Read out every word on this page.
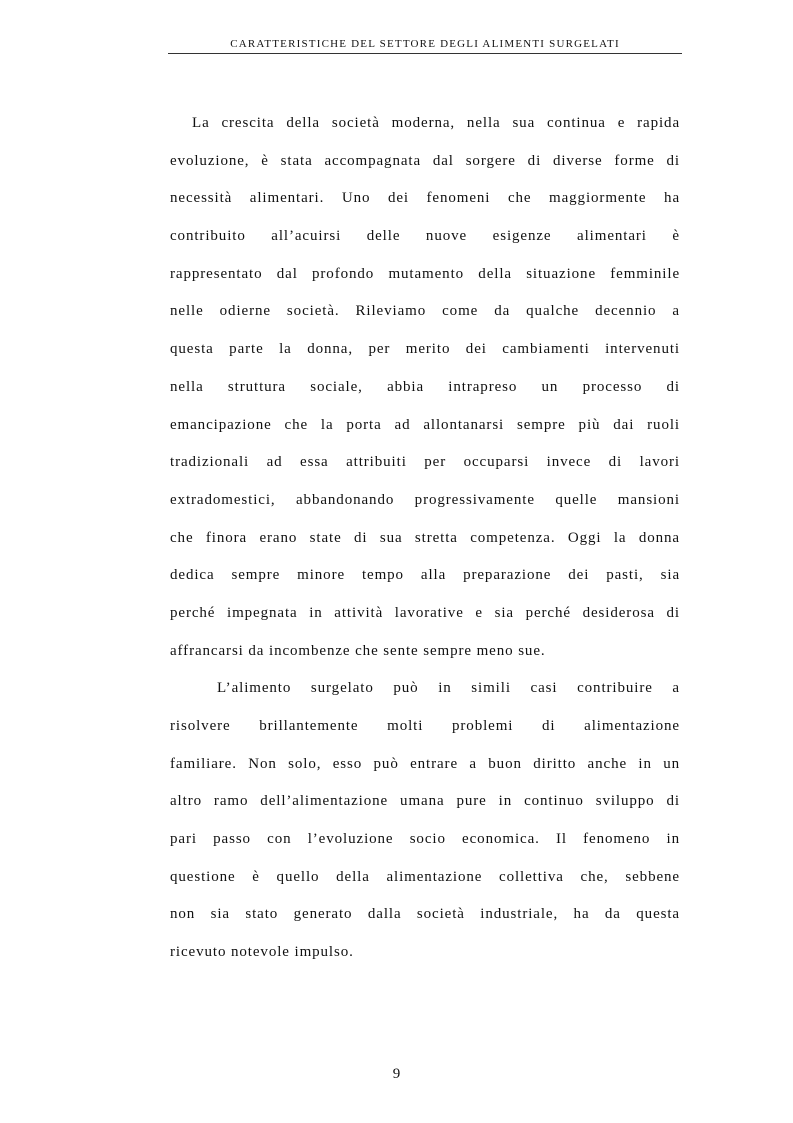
CARATTERISTICHE DEL SETTORE DEGLI ALIMENTI SURGELATI
La crescita della società moderna, nella sua continua e rapida
evoluzione, è stata accompagnata dal sorgere di diverse forme di
necessità alimentari. Uno dei fenomeni che maggiormente ha
contribuito all’acuirsi delle nuove esigenze alimentari è
rappresentato dal profondo mutamento della situazione femminile
nelle odierne società. Rileviamo come da qualche decennio a
questa parte la donna, per merito dei cambiamenti intervenuti
nella struttura sociale, abbia intrapreso un processo di
emancipazione che la porta ad allontanarsi sempre più dai ruoli
tradizionali ad essa attribuiti per occuparsi invece di lavori
extradomestici, abbandonando progressivamente quelle mansioni
che finora erano state di sua stretta competenza. Oggi la donna
dedica sempre minore tempo alla preparazione dei pasti, sia
perché impegnata in attività lavorative e sia perché desiderosa di
affrancarsi da incombenze che sente sempre meno sue.
L’alimento surgelato può in simili casi contribuire a
risolvere brillantemente molti problemi di alimentazione
familiare. Non solo, esso può entrare a buon diritto anche in un
altro ramo dell’alimentazione umana pure in continuo sviluppo di
pari passo con l’evoluzione socio economica. Il fenomeno in
questione è quello della alimentazione collettiva che, sebbene
non sia stato generato dalla società industriale, ha da questa
ricevuto notevole impulso.
9
